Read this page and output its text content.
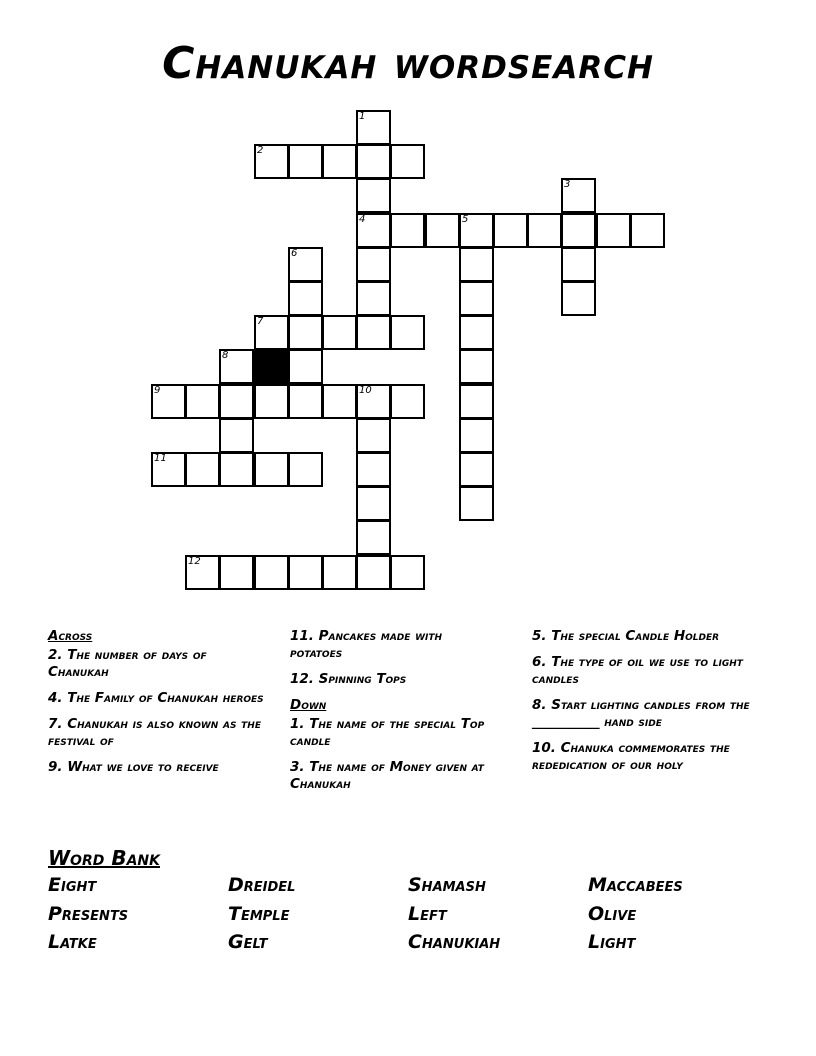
Chanukah wordsearch
2
4	5
7
9	10
11
12
1
3
6
8
Across
2. The number of days of Chanukah
4. The Family of Chanukah heroes
7. Chanukah is also known as the festival of
9. What we love to receive
11. Pancakes made with potatoes
12. Spinning Tops
Down
1. The name of the special Top candle
3. The name of Money given at Chanukah
5. The special Candle Holder
6. The type of oil we use to light candles
8. Start lighting candles from the __________ hand side
10. Chanuka commemorates the rededication of our holy
Word Bank
Eight	Dreidel	Shamash	Maccabees
Presents	Temple	Left	Olive
Latke	Gelt	Chanukiah	Light
